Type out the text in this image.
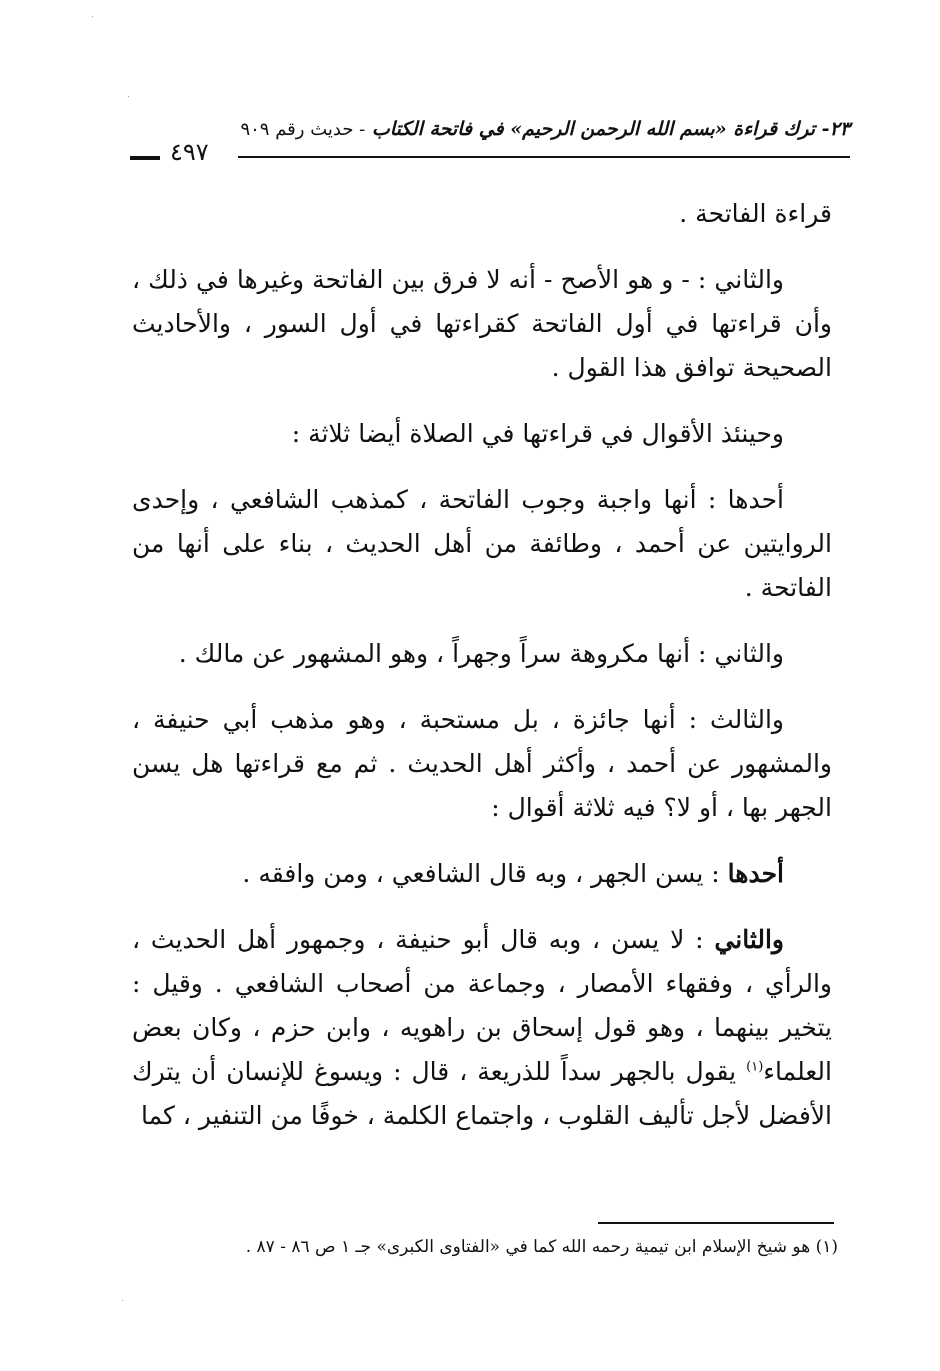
٢٣- ترك قراءة «بسم الله الرحمن الرحيم» في فاتحة الكتاب - حديث رقم ٩٠٩
٤٩٧

قراءة الفاتحة .

والثاني : - و هو الأصح - أنه لا فرق بين الفاتحة وغيرها في ذلك ، وأن قراءتها في أول الفاتحة كقراءتها في أول السور ، والأحاديث الصحيحة توافق هذا القول .

وحينئذ الأقوال في قراءتها في الصلاة أيضا ثلاثة :

أحدها : أنها واجبة وجوب الفاتحة ، كمذهب الشافعي ، وإحدى الروايتين عن أحمد ، وطائفة من أهل الحديث ، بناء على أنها من الفاتحة .

والثاني : أنها مكروهة سراً وجهراً ، وهو المشهور عن مالك .

والثالث : أنها جائزة ، بل مستحبة ، وهو مذهب أبي حنيفة ، والمشهور عن أحمد ، وأكثر أهل الحديث . ثم مع قراءتها هل يسن الجهر بها ، أو لا؟ فيه ثلاثة أقوال :

أحدها : يسن الجهر ، وبه قال الشافعي ، ومن وافقه .

والثاني : لا يسن ، وبه قال أبو حنيفة ، وجمهور أهل الحديث ، والرأي ، وفقهاء الأمصار ، وجماعة من أصحاب الشافعي . وقيل : يتخير بينهما ، وهو قول إسحاق بن راهويه ، وابن حزم ، وكان بعض العلماء$^{(١)}$ يقول بالجهر سداً للذريعة ، قال : ويسوغ للإنسان أن يترك الأفضل لأجل تأليف القلوب ، واجتماع الكلمة ، خوفًا من التنفير ، كما

(١) هو شيخ الإسلام ابن تيمية رحمه الله كما في «الفتاوى الكبرى» جـ ١ ص ٨٦ - ٨٧ .
